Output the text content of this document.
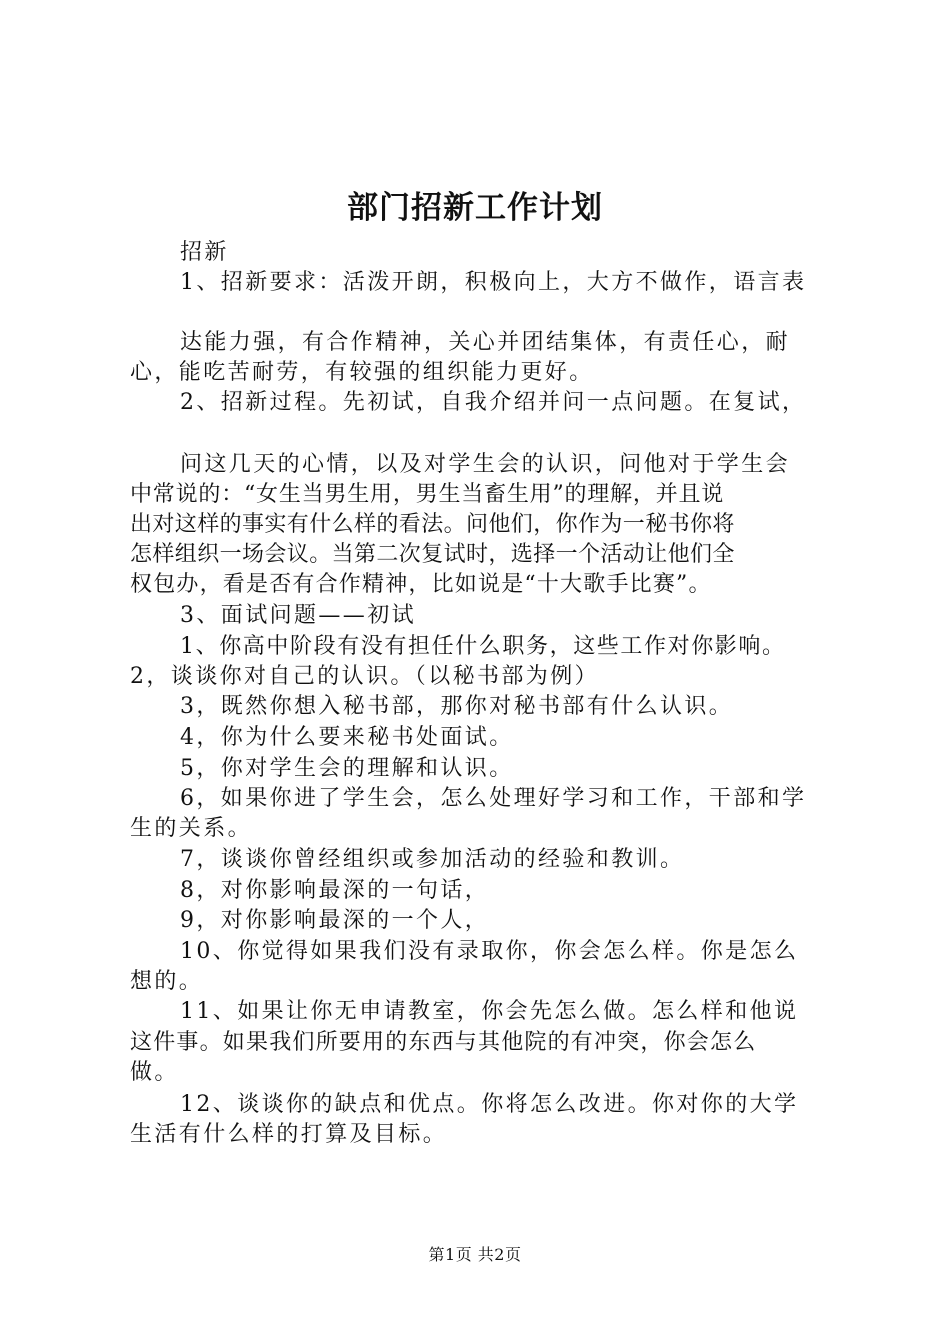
部门招新工作计划
招新
1、招新要求：活泼开朗，积极向上，大方不做作，语言表
达能力强，有合作精神，关心并团结集体，有责任心，耐
心，能吃苦耐劳，有较强的组织能力更好。
2、招新过程。先初试，自我介绍并问一点问题。在复试，
问这几天的心情，以及对学生会的认识，问他对于学生会
中常说的：“女生当男生用，男生当畜生用”的理解，并且说
出对这样的事实有什么样的看法。问他们，你作为一秘书你将
怎样组织一场会议。当第二次复试时，选择一个活动让他们全
权包办，看是否有合作精神，比如说是“十大歌手比赛”。
3、面试问题——初试
1、你高中阶段有没有担任什么职务，这些工作对你影响。
2，谈谈你对自己的认识。（以秘书部为例）
3，既然你想入秘书部，那你对秘书部有什么认识。
4，你为什么要来秘书处面试。
5，你对学生会的理解和认识。
6，如果你进了学生会，怎么处理好学习和工作，干部和学
生的关系。
7，谈谈你曾经组织或参加活动的经验和教训。
8，对你影响最深的一句话，
9，对你影响最深的一个人，
10、你觉得如果我们没有录取你，你会怎么样。你是怎么
想的。
11、如果让你无申请教室，你会先怎么做。怎么样和他说
这件事。如果我们所要用的东西与其他院的有冲突，你会怎么
做。
12、谈谈你的缺点和优点。你将怎么改进。你对你的大学
生活有什么样的打算及目标。
第1页 共2页
